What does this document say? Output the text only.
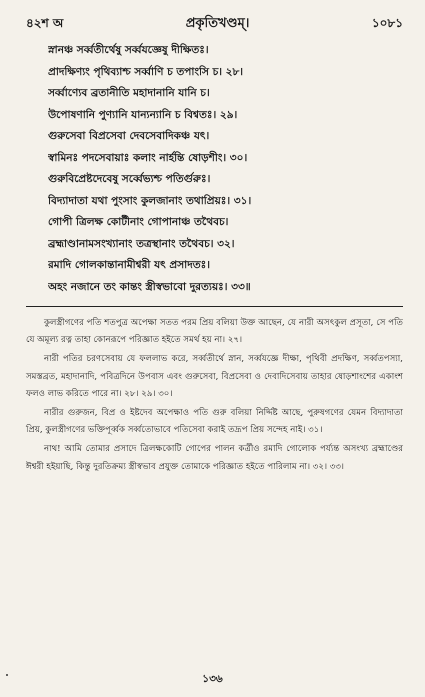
৪২শ অ	প্রকৃতিখণ্ডম্।	১০৮১
স্নানঞ্চ সর্ব্বতীর্থেষু সর্ব্বযজ্ঞেষু দীক্ষিতঃ।
প্রাদক্ষিণ্যং পৃথিব্যাশ্চ সর্ব্বাণি চ তপাংসি চ। ২৮।
সর্ব্বাণ্যেব ব্রতানীতি মহাদানানি যানি চ।
উপোষণানি পুণ্যানি যান্যন্যানি চ বিশ্বতঃ। ২৯।
গুরুসেবা বিপ্রসেবা দেবসেবাদিকঞ্চ যৎ।
স্বামিনঃ পদসেবায়াঃ কলাং নার্হন্তি ষোড়শীং। ৩০।
গুরুবিপ্রেষ্টদেবেষু সর্ব্বেভ্যশ্চ পতির্গুরুঃ।
বিদ্যাদাতা যথা পুংসাং কুলজানাং তথাপ্রিয়ঃ। ৩১।
গোপী ত্রিলক্ষ কোটীনাং গোপানাঞ্চ তথৈবচ।
ব্রহ্মাণ্ডানামসংখ্যানাং তত্রস্থানাং তথৈবচ। ৩২।
রমাদি গোলকান্তানামীশ্বরী যৎ প্রসাদতঃ।
অহং নজানে তং কান্তং স্ত্রীস্বভাবো দুরত্যয়ঃ। ৩৩॥

কুলস্ত্রীগণের পতি শতপুত্র অপেক্ষা সতত পরম প্রিয় বলিয়া উক্ত আছেন, যে নারী অসৎকুল প্রসূতা, সে পতি যে অমূল্য রত্ন তাহা কোনরূপে পরিজ্ঞাত হইতে সমর্থ হয় না। ২৭।

নারী পতির চরণসেবায় যে ফললাভ করে, সর্ব্বতীর্থে স্নান, সর্ব্বযজ্ঞে দীক্ষা, পৃথিবী প্রদক্ষিণ, সর্ব্বতপস্যা, সমস্তব্রত, মহাদানাদি, পবিত্রদিনে উপবাস এবং গুরুসেবা, বিপ্রসেবা ও দেবাদিসেবায় তাহার ষোড়শাংশের একাংশ ফলও লাভ করিতে পারে না। ২৮। ২৯। ৩০।

নারীর গুরুজন, বিপ্র ও ইষ্টদেব অপেক্ষাও পতি গুরু বলিয়া নির্দ্দিষ্ট আছে, পুরুষগণের যেমন বিদ্যাদাতা প্রিয়, কুলস্ত্রীগণের ভক্তিপূর্ব্বক সর্ব্বতোভাবে পতিসেবা করাই তদ্রূপ প্রিয় সন্দেহ নাই। ৩১।

নাথ! আমি তোমার প্রসাদে ত্রিলক্ষকোটি গোপের পালন কর্ত্রীও রমাদি গোলোক পর্য্যন্ত অসংখ্য ব্রহ্মাণ্ডের ঈশ্বরী হইয়াছি, কিন্তু দুরতিক্রম্য স্ত্রীস্বভাব প্রযুক্ত তোমাকে পরিজ্ঞাত হইতে পারিলাম না। ৩২। ৩৩।

১৩৬
